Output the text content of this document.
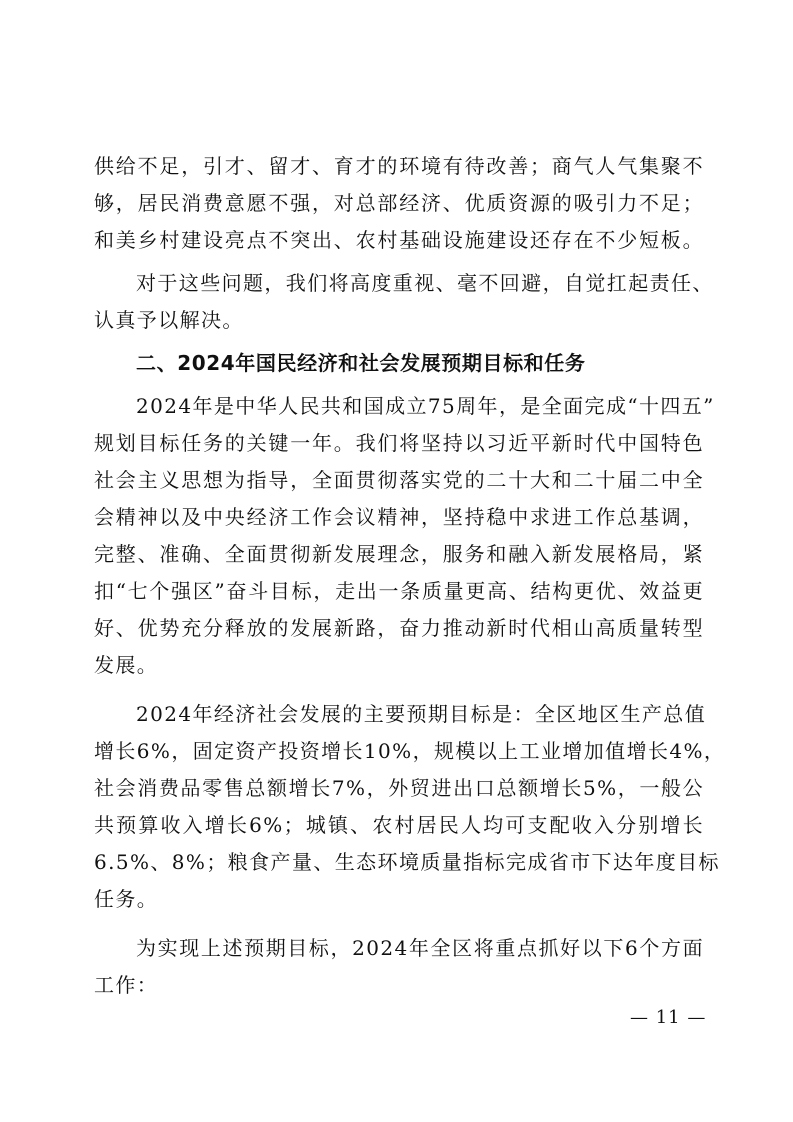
供给不足，引才、留才、育才的环境有待改善；商气人气集聚不
够，居民消费意愿不强，对总部经济、优质资源的吸引力不足；
和美乡村建设亮点不突出、农村基础设施建设还存在不少短板。
对于这些问题，我们将高度重视、毫不回避，自觉扛起责任、
认真予以解决。
二、2024年国民经济和社会发展预期目标和任务
2024年是中华人民共和国成立75周年，是全面完成“十四五”
规划目标任务的关键一年。我们将坚持以习近平新时代中国特色
社会主义思想为指导，全面贯彻落实党的二十大和二十届二中全
会精神以及中央经济工作会议精神，坚持稳中求进工作总基调，
完整、准确、全面贯彻新发展理念，服务和融入新发展格局，紧
扣“七个强区”奋斗目标，走出一条质量更高、结构更优、效益更
好、优势充分释放的发展新路，奋力推动新时代相山高质量转型
发展。
2024年经济社会发展的主要预期目标是：全区地区生产总值
增长6%，固定资产投资增长10%，规模以上工业增加值增长4%，
社会消费品零售总额增长7%，外贸进出口总额增长5%，一般公
共预算收入增长6%；城镇、农村居民人均可支配收入分别增长
6.5%、8%；粮食产量、生态环境质量指标完成省市下达年度目标
任务。
为实现上述预期目标，2024年全区将重点抓好以下6个方面
工作：
— 11 —
